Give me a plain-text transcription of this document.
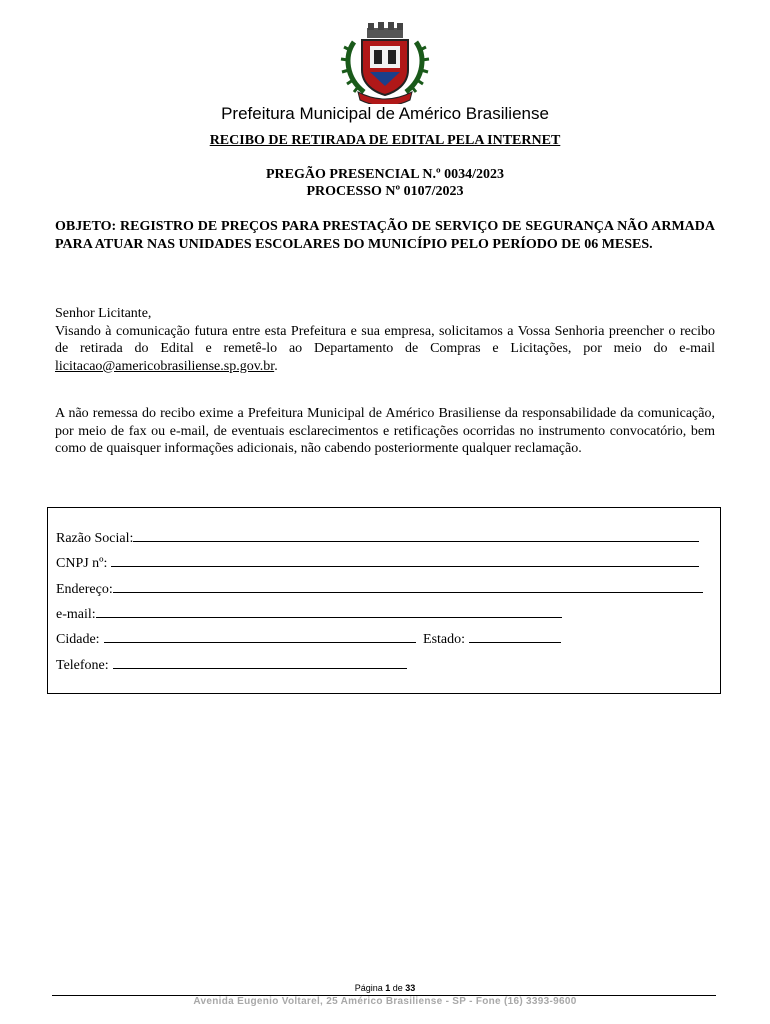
Prefeitura Municipal de Américo Brasiliense
RECIBO DE RETIRADA DE EDITAL PELA INTERNET
PREGÃO PRESENCIAL N.º 0034/2023
PROCESSO Nº 0107/2023
OBJETO: REGISTRO DE PREÇOS PARA PRESTAÇÃO DE SERVIÇO DE SEGURANÇA NÃO ARMADA PARA ATUAR NAS UNIDADES ESCOLARES DO MUNICÍPIO PELO PERÍODO DE 06 MESES.
Senhor Licitante,
Visando à comunicação futura entre esta Prefeitura e sua empresa, solicitamos a Vossa Senhoria preencher o recibo de retirada do Edital e remetê-lo ao Departamento de Compras e Licitações, por meio do e-mail licitacao@americobrasiliense.sp.gov.br.
A não remessa do recibo exime a Prefeitura Municipal de Américo Brasiliense da responsabilidade da comunicação, por meio de fax ou e-mail, de eventuais esclarecimentos e retificações ocorridas no instrumento convocatório, bem como de quaisquer informações adicionais, não cabendo posteriormente qualquer reclamação.
Razão Social:
CNPJ nº:
Endereço:
e-mail:
Cidade:	Estado:
Telefone:
Página 1 de 33
Avenida Eugenio Voltarel, 25 Américo Brasiliense - SP - Fone (16) 3393-9600
